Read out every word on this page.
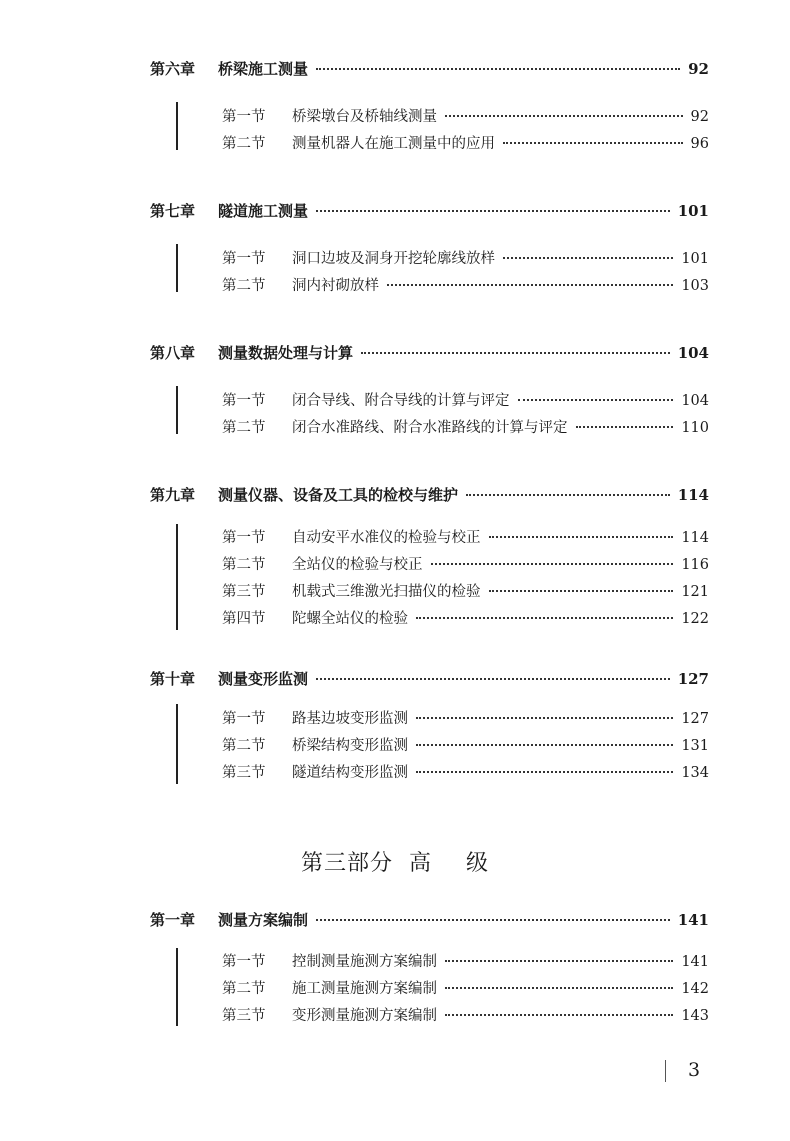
第六章	桥梁施工测量	92
第一节	桥梁墩台及桥轴线测量	92
第二节	测量机器人在施工测量中的应用	96
第七章	隧道施工测量	101
第一节	洞口边坡及洞身开挖轮廓线放样	101
第二节	洞内衬砌放样	103
第八章	测量数据处理与计算	104
第一节	闭合导线、附合导线的计算与评定	104
第二节	闭合水准路线、附合水准路线的计算与评定	110
第九章	测量仪器、设备及工具的检校与维护	114
第一节	自动安平水准仪的检验与校正	114
第二节	全站仪的检验与校正	116
第三节	机载式三维激光扫描仪的检验	121
第四节	陀螺全站仪的检验	122
第十章	测量变形监测	127
第一节	路基边坡变形监测	127
第二节	桥梁结构变形监测	131
第三节	隧道结构变形监测	134
第三部分 高 级
第一章	测量方案编制	141
第一节	控制测量施测方案编制	141
第二节	施工测量施测方案编制	142
第三节	变形测量施测方案编制	143
3
